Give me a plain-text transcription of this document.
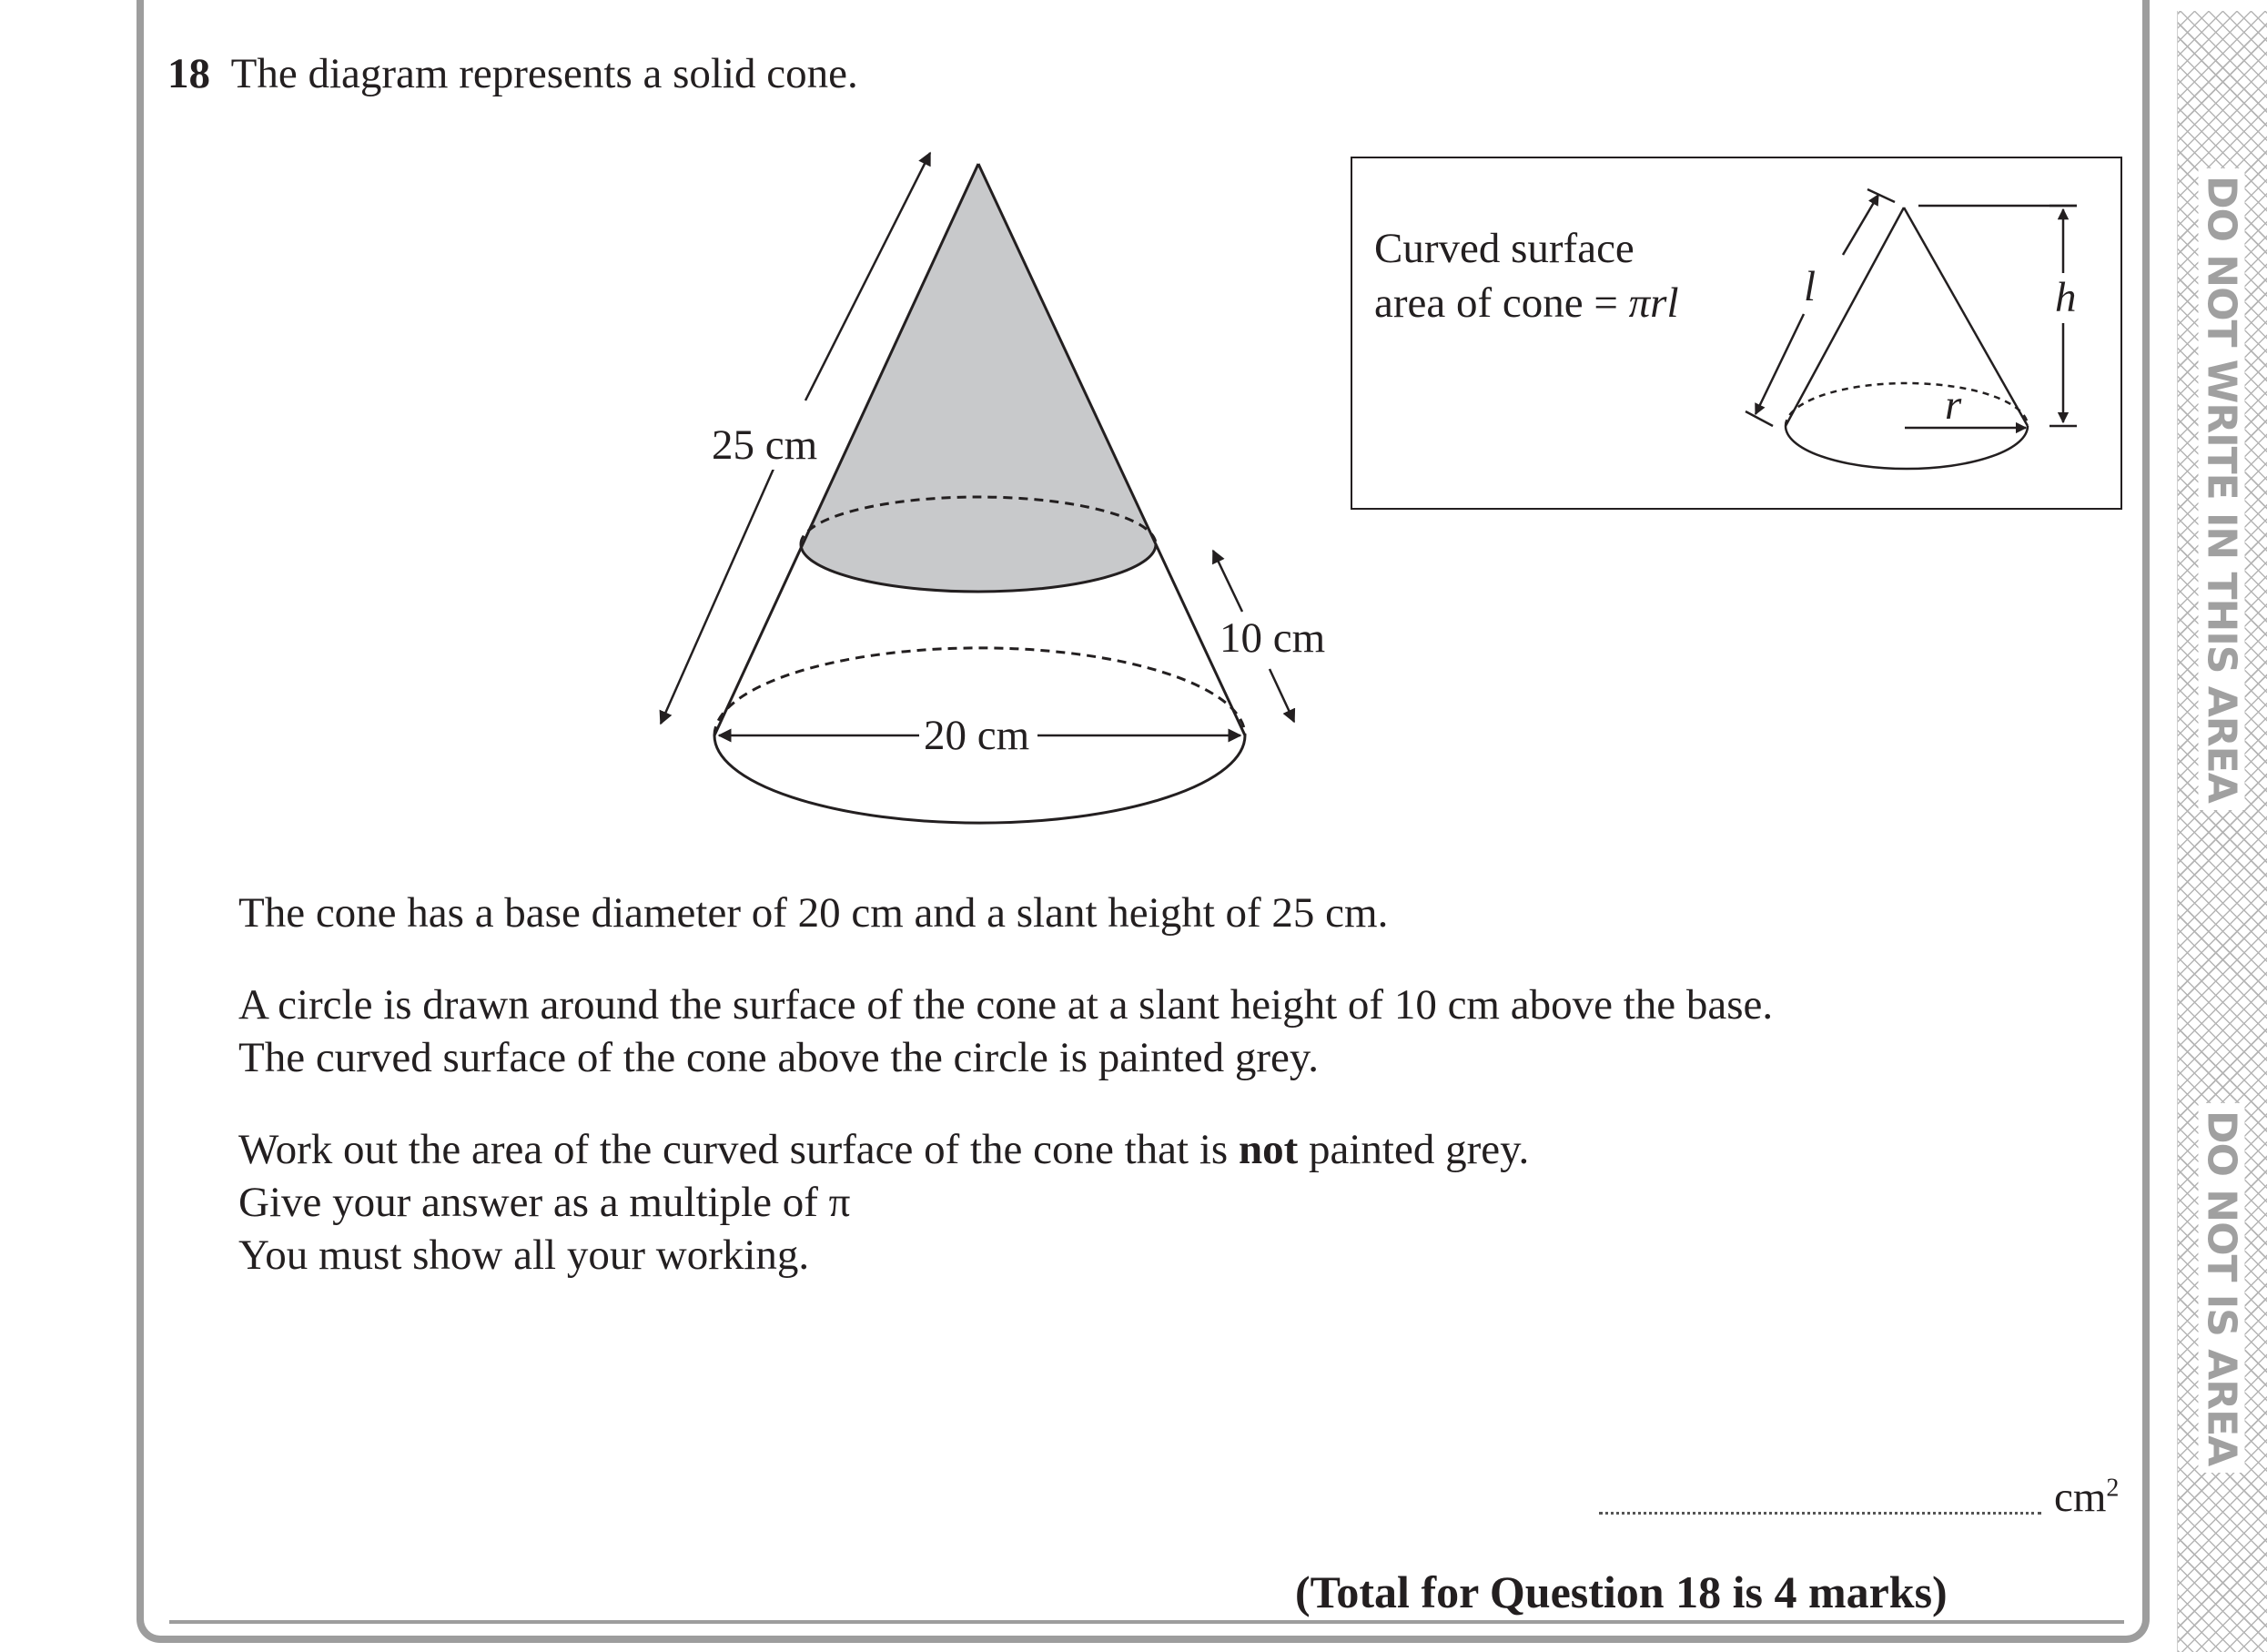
DO NOT WRITE IN THIS AREA
DO NOT IS AREA
18 The diagram represents a solid cone.
25 cm
10 cm
20 cm
Curved surface
area of cone = πrl	l	h
r
The cone has a base diameter of 20 cm and a slant height of 25 cm.
A circle is drawn around the surface of the cone at a slant height of 10 cm above the base.
The curved surface of the cone above the circle is painted grey.
Work out the area of the curved surface of the cone that is not painted grey.
Give your answer as a multiple of π
You must show all your working.
$cm^2$
(Total for Question 18 is 4 marks)
